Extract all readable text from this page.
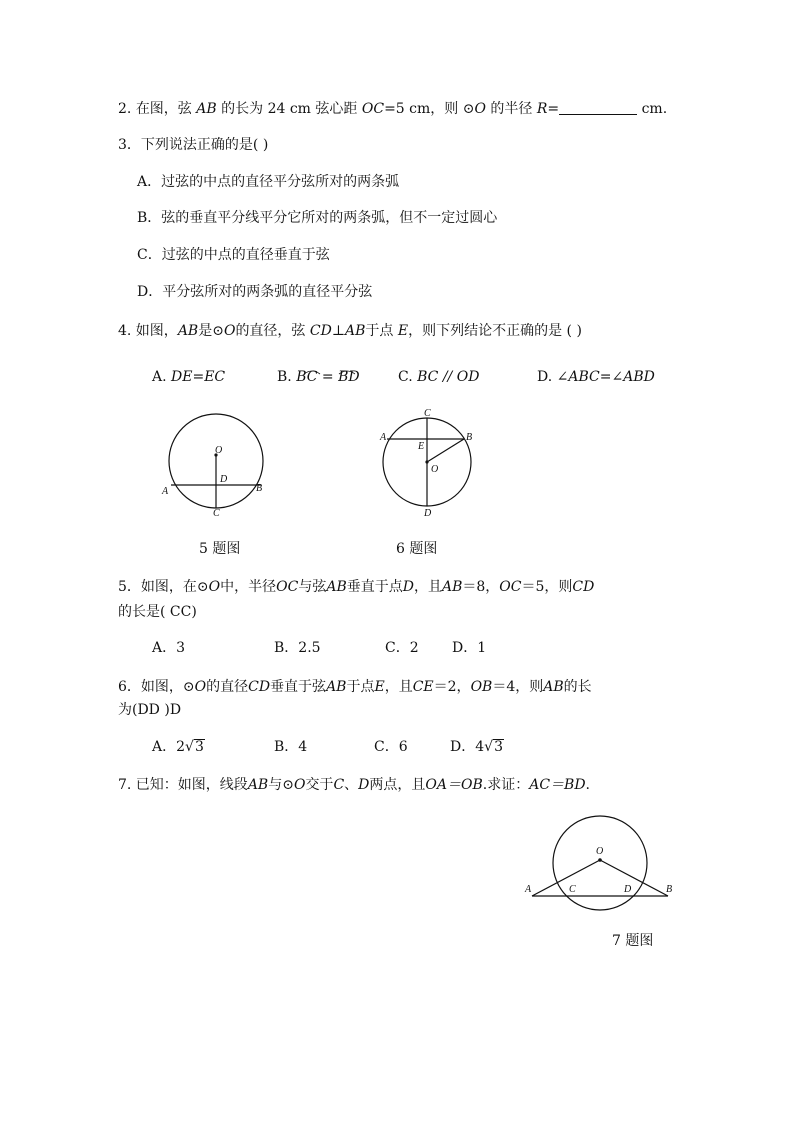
2. 在图，弦 AB 的长为 24 cm 弦心距 OC=5 cm，则 ⊙O 的半径 R=	cm.
3．下列说法正确的是( )
A．过弦的中点的直径平分弦所对的两条弧
B．弦的垂直平分线平分它所对的两条弧，但不一定过圆心
C．过弦的中点的直径垂直于弦
D．平分弦所对的两条弧的直径平分弦
4. 如图，AB是⊙O的直径，弦 CD⊥AB于点 E，则下列结论不正确的是 ( )
A. DE=EC	B. BC = BD	C. BC // OD	D. ∠ABC=∠ABD
O
D
A	B
C
5 题图
C
A
E
B
O
D
6 题图
5．如图，在⊙O中，半径OC与弦AB垂直于点D，且AB＝8，OC＝5，则CD
的长是( CC)
A．3	B．2.5	C．2 D．1
6．如图，⊙O的直径CD垂直于弦AB于点E，且CE＝2，OB＝4，则AB的长
为(DD )D
A．2√3	B．4	C．6	D．4√3
7. 已知：如图，线段AB与⊙O交于C、D两点，且OA＝OB.求证：AC＝BD.
O
A	C	D	B
7 题图
